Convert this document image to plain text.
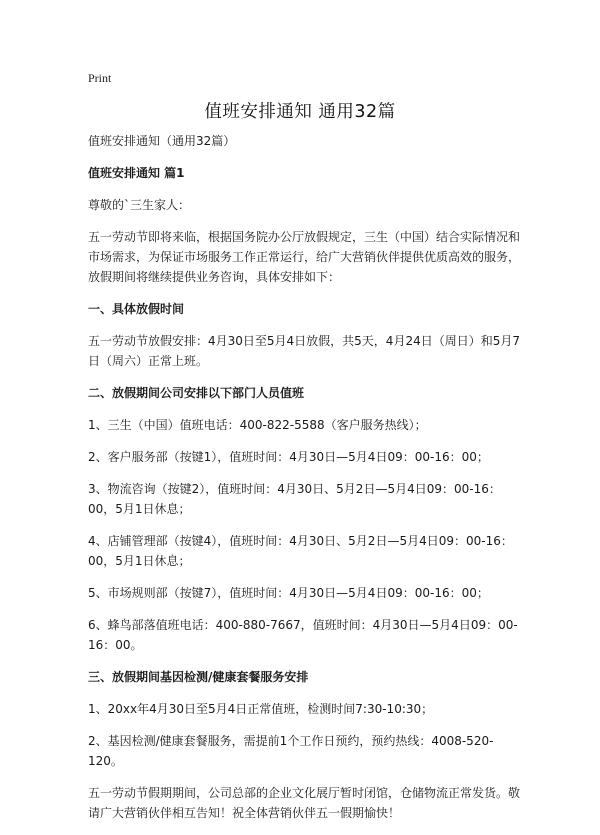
Print
值班安排通知 通用32篇
值班安排通知（通用32篇）
值班安排通知 篇1
尊敬的`三生家人：
五一劳动节即将来临，根据国务院办公厅放假规定，三生（中国）结合实际情况和市场需求，为保证市场服务工作正常运行，给广大营销伙伴提供优质高效的服务，放假期间将继续提供业务咨询，具体安排如下：
一、具体放假时间
五一劳动节放假安排：4月30日至5月4日放假，共5天，4月24日（周日）和5月7日（周六）正常上班。
二、放假期间公司安排以下部门人员值班
1、三生（中国）值班电话：400-822-5588（客户服务热线）；
2、客户服务部（按键1），值班时间：4月30日—5月4日09：00-16：00；
3、物流咨询（按键2），值班时间：4月30日、5月2日—5月4日09：00-16：00，5月1日休息；
4、店铺管理部（按键4），值班时间：4月30日、5月2日—5月4日09：00-16：00，5月1日休息；
5、市场规则部（按键7），值班时间：4月30日—5月4日09：00-16：00；
6、蜂鸟部落值班电话：400-880-7667，值班时间：4月30日—5月4日09：00-16：00。
三、放假期间基因检测/健康套餐服务安排
1、20xx年4月30日至5月4日正常值班，检测时间7:30-10:30；
2、基因检测/健康套餐服务，需提前1个工作日预约，预约热线：4008-520-120。
五一劳动节假期期间，公司总部的企业文化展厅暂时闭馆，仓储物流正常发货。敬请广大营销伙伴相互告知！祝全体营销伙伴五一假期愉快！
